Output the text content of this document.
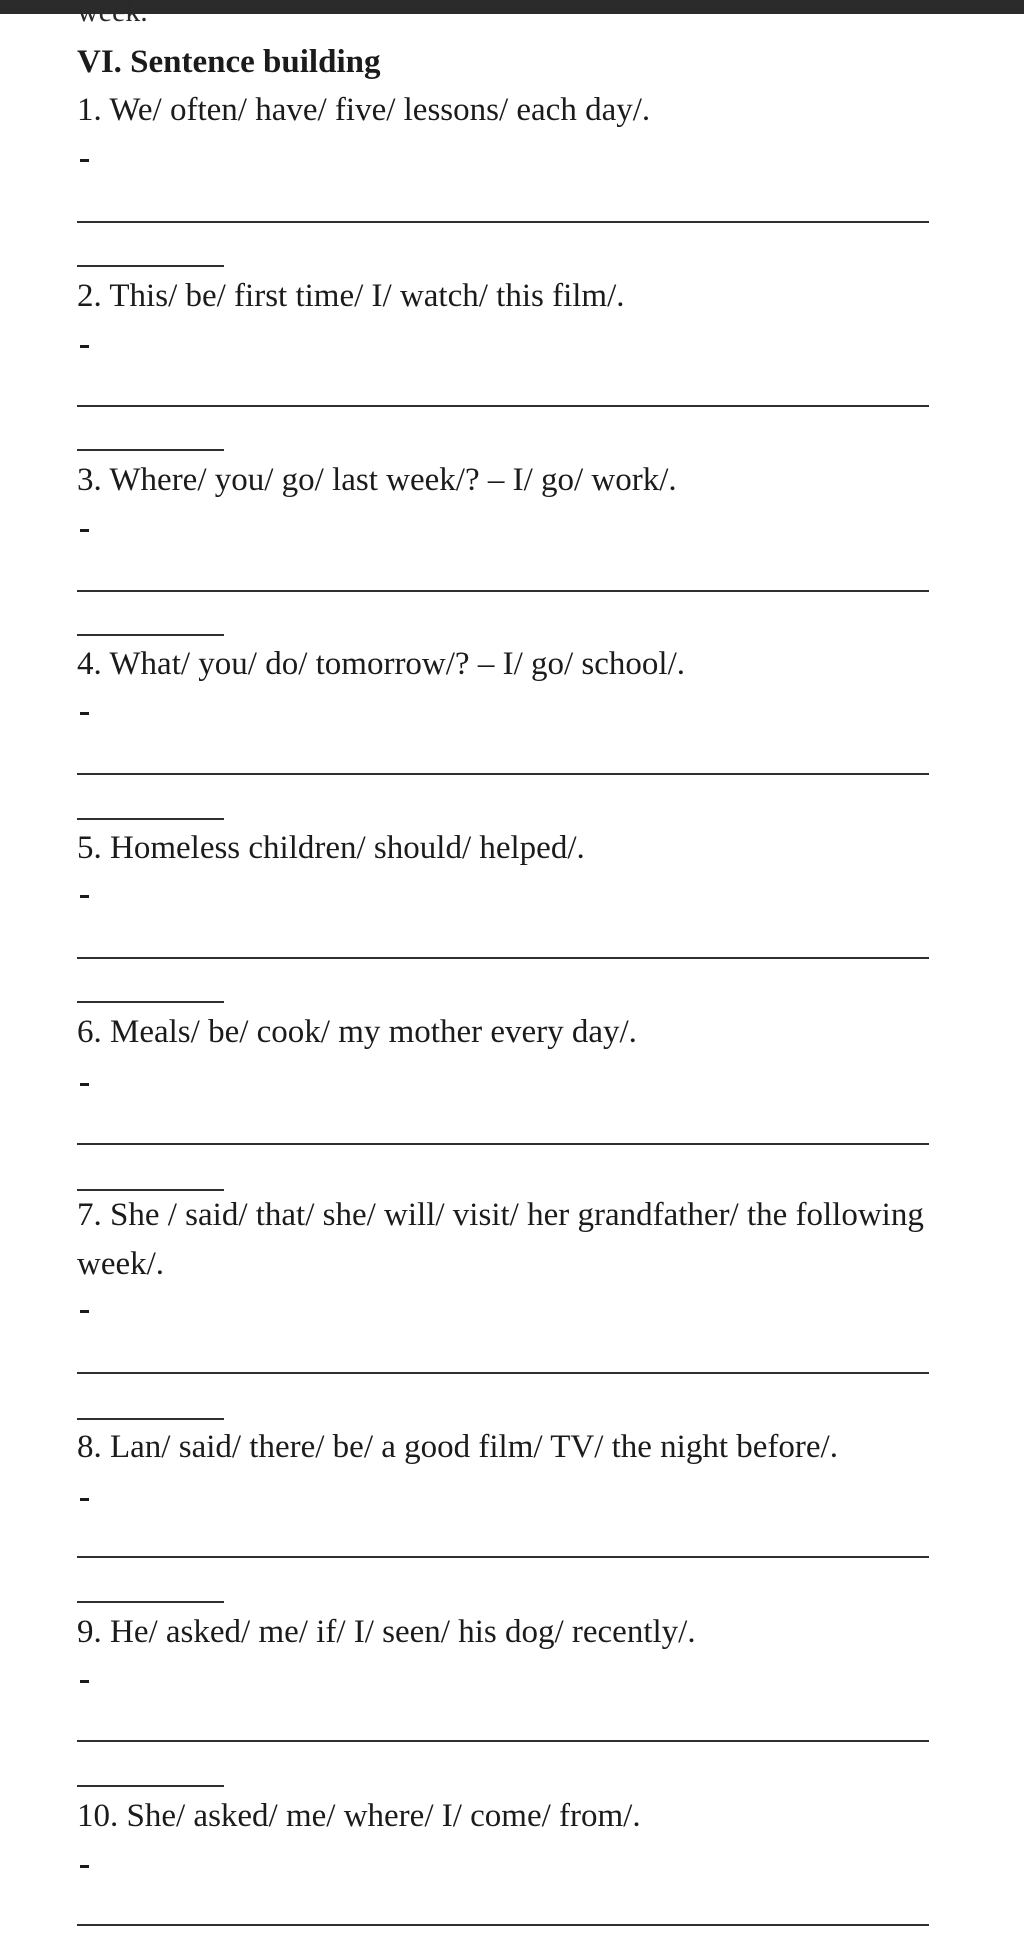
week.
VI. Sentence building
1. We/ often/ have/ five/ lessons/ each day/.
2. This/ be/ first time/ I/ watch/ this film/.
3. Where/ you/ go/ last week/? – I/ go/ work/.
4. What/ you/ do/ tomorrow/? – I/ go/ school/.
5. Homeless children/ should/ helped/.
6. Meals/ be/ cook/ my mother every day/.
7. She / said/ that/ she/ will/ visit/ her grandfather/ the following week/.
8. Lan/ said/ there/ be/ a good film/ TV/ the night before/.
9. He/ asked/ me/ if/ I/ seen/ his dog/ recently/.
10. She/ asked/ me/ where/ I/ come/ from/.
